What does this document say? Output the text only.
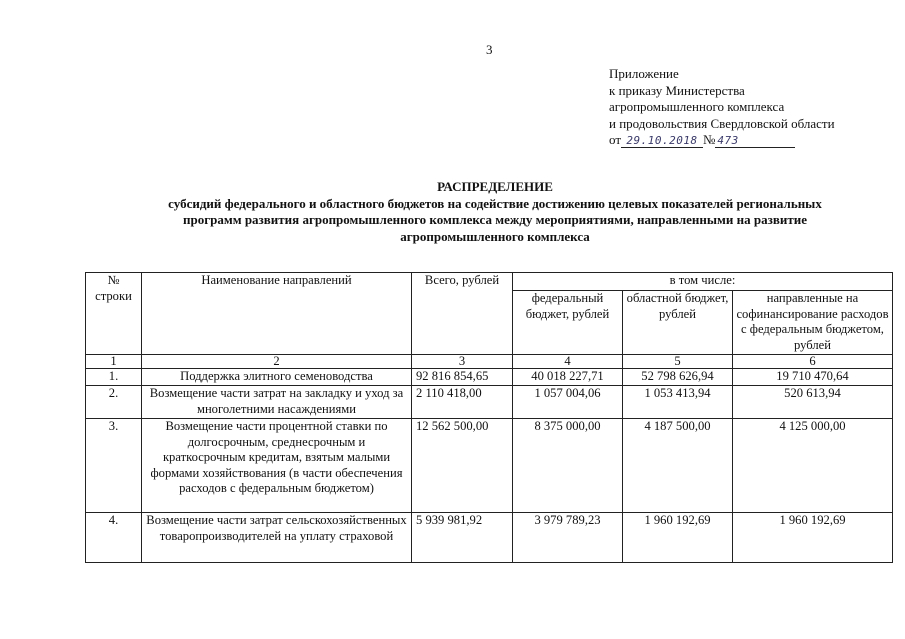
3
Приложение
к приказу Министерства
агропромышленного комплекса
и продовольствия Свердловской области
от 29.10.2018 № 473
РАСПРЕДЕЛЕНИЕ
субсидий федерального и областного бюджетов на содействие достижению целевых показателей региональных
программ развития агропромышленного комплекса между мероприятиями, направленными на развитие
агропромышленного комплекса
№ строки	Наименование направлений	Всего, рублей	в том числе:		
			федеральный бюджет, рублей	областной бюджет, рублей	направленные на софинансирование расходов с федеральным бюджетом, рублей
1	2	3	4	5	6
1.	Поддержка элитного семеноводства	92 816 854,65	40 018 227,71	52 798 626,94	19 710 470,64
2.	Возмещение части затрат на закладку и уход за многолетними насаждениями	2 110 418,00	1 057 004,06	1 053 413,94	520 613,94
3.	Возмещение части процентной ставки по долгосрочным, среднесрочным и краткосрочным кредитам, взятым малыми формами хозяйствования (в части обеспечения расходов с федеральным бюджетом)	12 562 500,00	8 375 000,00	4 187 500,00	4 125 000,00
4.	Возмещение части затрат сельскохозяйственных товаропроизводителей на уплату страховой	5 939 981,92	3 979 789,23	1 960 192,69	1 960 192,69
